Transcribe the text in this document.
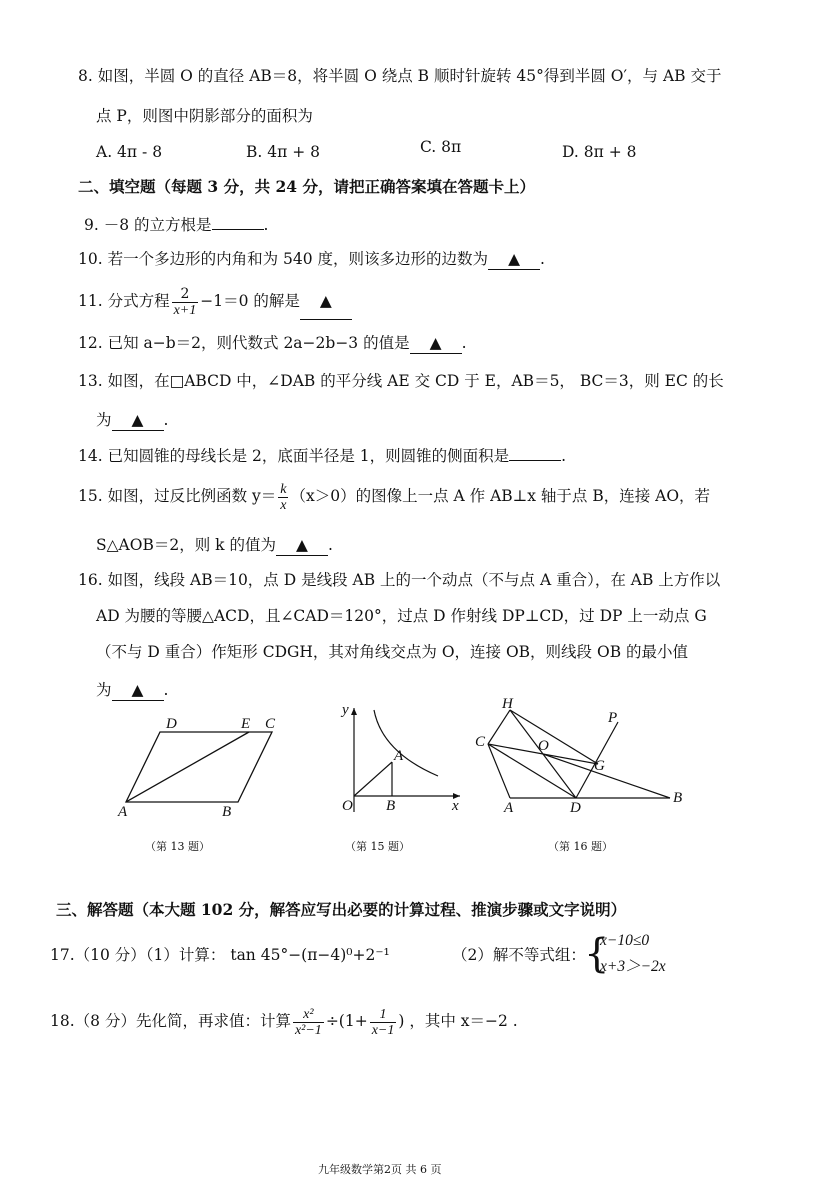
8. 如图，半圆 O 的直径 AB＝8，将半圆 O 绕点 B 顺时针旋转 45°得到半圆 O′，与 AB 交于
点 P，则图中阴影部分的面积为
A. 4π - 8	B. 4π + 8	C. 8π	D. 8π + 8
二、填空题（每题 3 分，共 24 分，请把正确答案填在答题卡上）
9. －8 的立方根是	.
10. 若一个多边形的内角和为 540 度，则该多边形的边数为 ▲ .
11. 分式方程 $\frac{2}{x+1} -1=0$ 的解是 ▲
12. 已知 a−b＝2，则代数式 2a−2b−3 的值是 ▲ .
13. 如图，在□ABCD 中，∠DAB 的平分线 AE 交 CD 于 E，AB＝5， BC＝3，则 EC 的长
为 ▲ .
14. 已知圆锥的母线长是 2，底面半径是 1，则圆锥的侧面积是	.
15. 如图，过反比例函数 $y= \frac{k}{x} (x>0)$的图像上一点 A 作 AB⊥x 轴于点 B，连接 AO，若
S△AOB＝2，则 k 的值为 ▲ .
16. 如图，线段 AB＝10，点 D 是线段 AB 上的一个动点（不与点 A 重合），在 AB 上方作以
AD 为腰的等腰△ACD，且∠CAD＝120°，过点 D 作射线 DP⊥CD，过 DP 上一动点 G
（不与 D 重合）作矩形 CDGH，其对角线交点为 O，连接 OB，则线段 OB 的最小值
为 ▲ .
A	B
C
D	E
（第 13 题）
y
x
O
A
B
（第 15 题）
H
P
C	O
G
A	D
B
（第 16 题）
三、解答题（本大题 102 分，解答应写出必要的计算过程、推演步骤或文字说明）
17.（10 分）（1）计算： tan 45°−(π−4)⁰+2⁻¹	（2）解不等式组：
{
x−10≤0
x+3＞−2x
18.（8 分）先化简，再求值：计算 $\frac{\text{x²}}{\text{x²−1}} \div(1+ \frac{1}{x-1}$ ) ，其中 x＝−2 .
九年级数学第2页 共 6 页
